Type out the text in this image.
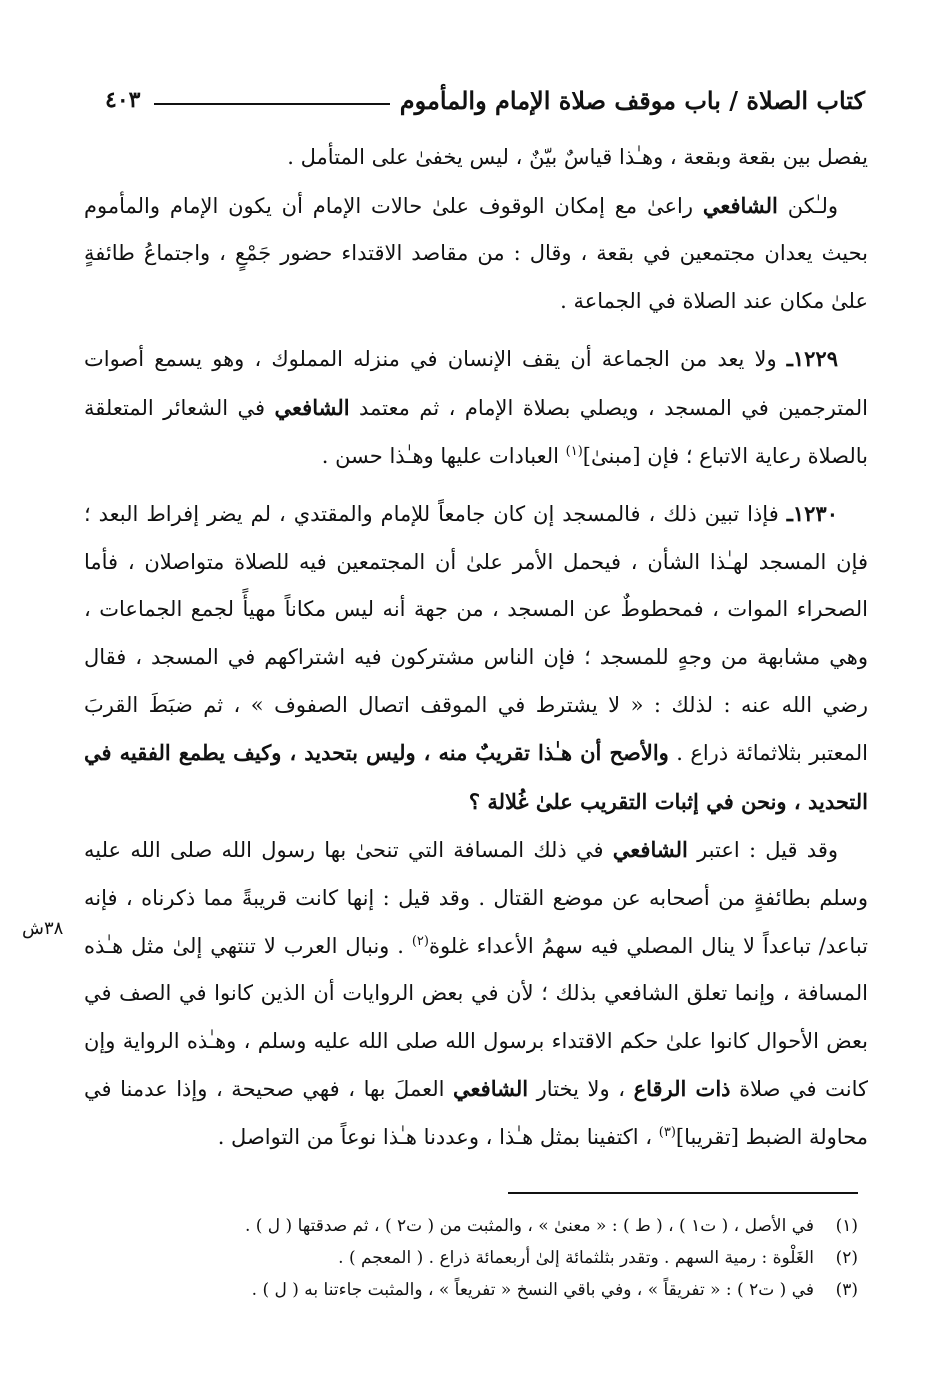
كتاب الصلاة / باب موقف صلاة الإمام والمأموم
٤٠٣
٣٨ش

يفصل بين بقعة وبقعة ، وهـٰذا قياسٌ بيّنٌ ، ليس يخفىٰ على المتأمل .

ولـٰكن الشافعي راعىٰ مع إمكان الوقوف علىٰ حالات الإمام أن يكون الإمام والمأموم بحيث يعدان مجتمعين في بقعة ، وقال : من مقاصد الاقتداء حضور جَمْعٍ ، واجتماعُ طائفةٍ علىٰ مكان عند الصلاة في الجماعة .

١٢٢٩ـ ولا يعد من الجماعة أن يقف الإنسان في منزله المملوك ، وهو يسمع أصوات المترجمين في المسجد ، ويصلي بصلاة الإمام ، ثم معتمد الشافعي في الشعائر المتعلقة بالصلاة رعاية الاتباع ؛ فإن [مبنىٰ]$^{(١)}$ العبادات عليها وهـٰذا حسن .

١٢٣٠ـ فإذا تبين ذلك ، فالمسجد إن كان جامعاً للإمام والمقتدي ، لم يضر إفراط البعد ؛ فإن المسجد لهـٰذا الشأن ، فيحمل الأمر علىٰ أن المجتمعين فيه للصلاة متواصلان ، فأما الصحراء الموات ، فمحطوطٌ عن المسجد ، من جهة أنه ليس مكاناً مهيأً لجمع الجماعات ، وهي مشابهة من وجهٍ للمسجد ؛ فإن الناس مشتركون فيه اشتراكهم في المسجد ، فقال رضي الله عنه : لذلك : « لا يشترط في الموقف اتصال الصفوف » ، ثم ضبَطَ القربَ المعتبر بثلاثمائة ذراع . والأصح أن هـٰذا تقريبٌ منه ، وليس بتحديد ، وكيف يطمع الفقيه في التحديد ، ونحن في إثبات التقريب علىٰ غُلالة ؟

وقد قيل : اعتبر الشافعي في ذلك المسافة التي تنحىٰ بها رسول الله صلى الله عليه وسلم بطائفةٍ من أصحابه عن موضع القتال . وقد قيل : إنها كانت قريبةً مما ذكرناه ، فإنه تباعد/ تباعداً لا ينال المصلي فيه سهمُ الأعداء غلوة$^{(٢)}$ . ونبال العرب لا تنتهي إلىٰ مثل هـٰذه المسافة ، وإنما تعلق الشافعي بذلك ؛ لأن في بعض الروايات أن الذين كانوا في الصف في بعض الأحوال كانوا علىٰ حكم الاقتداء برسول الله صلى الله عليه وسلم ، وهـٰذه الرواية وإن كانت في صلاة ذات الرقاع ، ولا يختار الشافعي العملَ بها ، فهي صحيحة ، وإذا عدمنا في محاولة الضبط [تقريبا]$^{(٣)}$ ، اكتفينا بمثل هـٰذا ، وعددنا هـٰذا نوعاً من التواصل .

(١)
في الأصل ، ( ت١ ) ، ( ط ) : « معنىٰ » ، والمثبت من ( ت٢ ) ، ثم صدقتها ( ل ) .
(٢)
الغَلْوة : رمية السهم . وتقدر بثلثمائة إلىٰ أربعمائة ذراع . ( المعجم ) .
(٣)
في ( ت٢ ) : « تفريقاً » ، وفي باقي النسخ « تفريعاً » ، والمثبت جاءتنا به ( ل ) .
